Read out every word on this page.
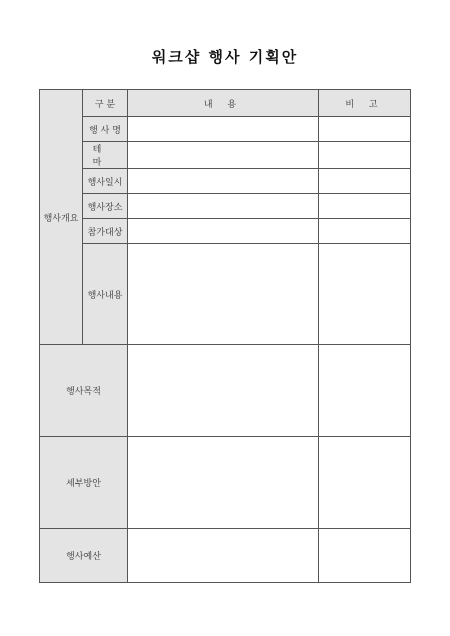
워크샵 행사 기획안
행사개요	구 분	내 용	비 고
	행 사 명		
	테 마		
	행사일시		
	행사장소		
	참가대상		
	행사내용		
행사목적			
세부방안			
행사예산			
